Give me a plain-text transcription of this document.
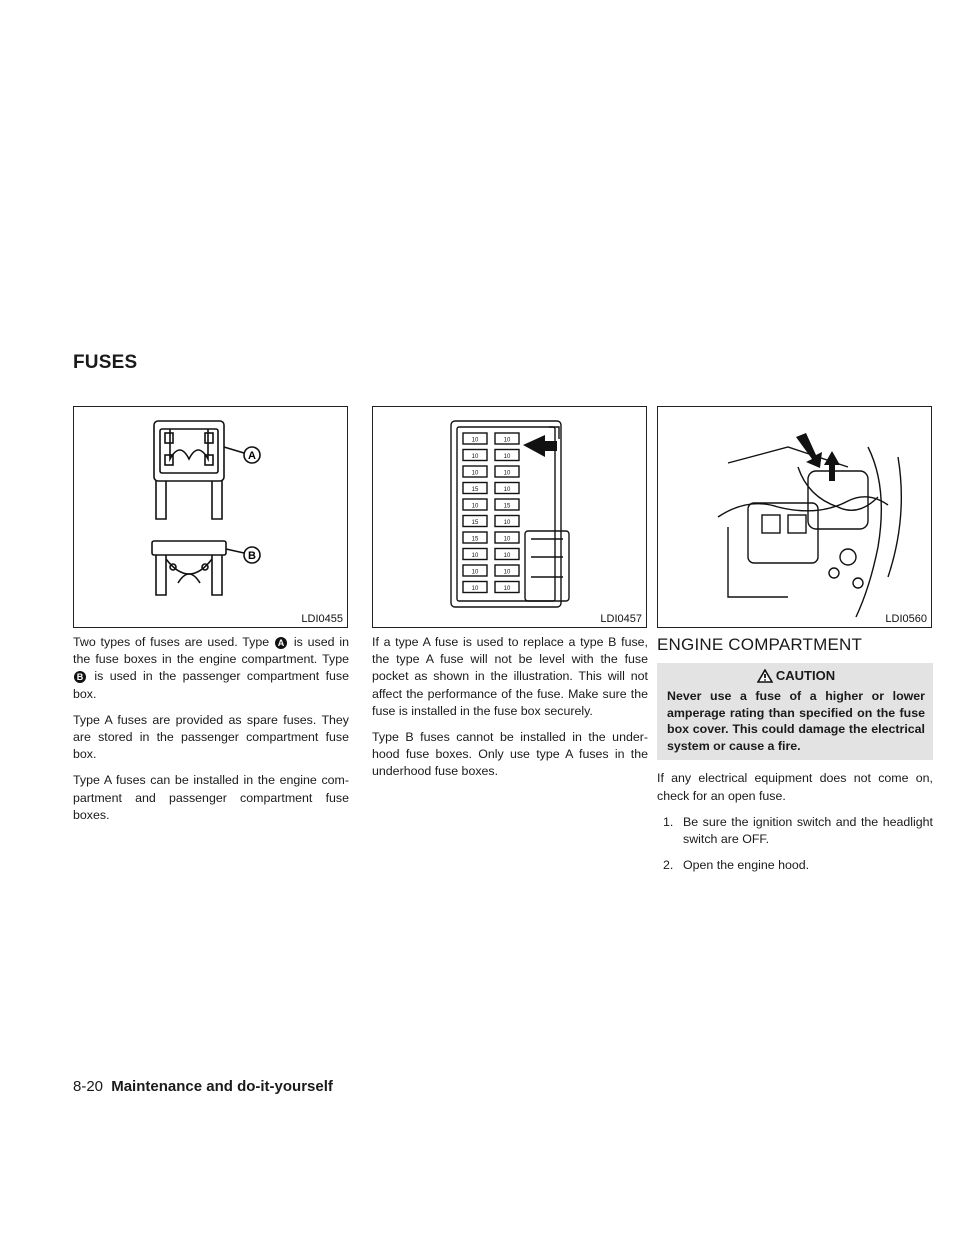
FUSES
A
B
LDI0455
10
10
10
15
10
15
15
10
10
10
10
10
10
10
15
10
10
10
10
10
LDI0457	LDI0560

Two types of fuses are used. Type A is used in the fuse boxes in the engine compartment. Type B is used in the passenger compartment fuse box.

Type A fuses are provided as spare fuses. They are stored in the passenger compartment fuse box.

Type A fuses can be installed in the engine com-partment and passenger compartment fuse boxes.

If a type A fuse is used to replace a type B fuse, the type A fuse will not be level with the fuse pocket as shown in the illustration. This will not affect the performance of the fuse. Make sure the fuse is installed in the fuse box securely.

Type B fuses cannot be installed in the under-hood fuse boxes. Only use type A fuses in the underhood fuse boxes.

ENGINE COMPARTMENT
CAUTION
Never use a fuse of a higher or lower amperage rating than specified on the fuse box cover. This could damage the electrical system or cause a fire.

If any electrical equipment does not come on, check for an open fuse.

1. Be sure the ignition switch and the headlight switch are OFF.
2. Open the engine hood.
8-20 Maintenance and do-it-yourself
